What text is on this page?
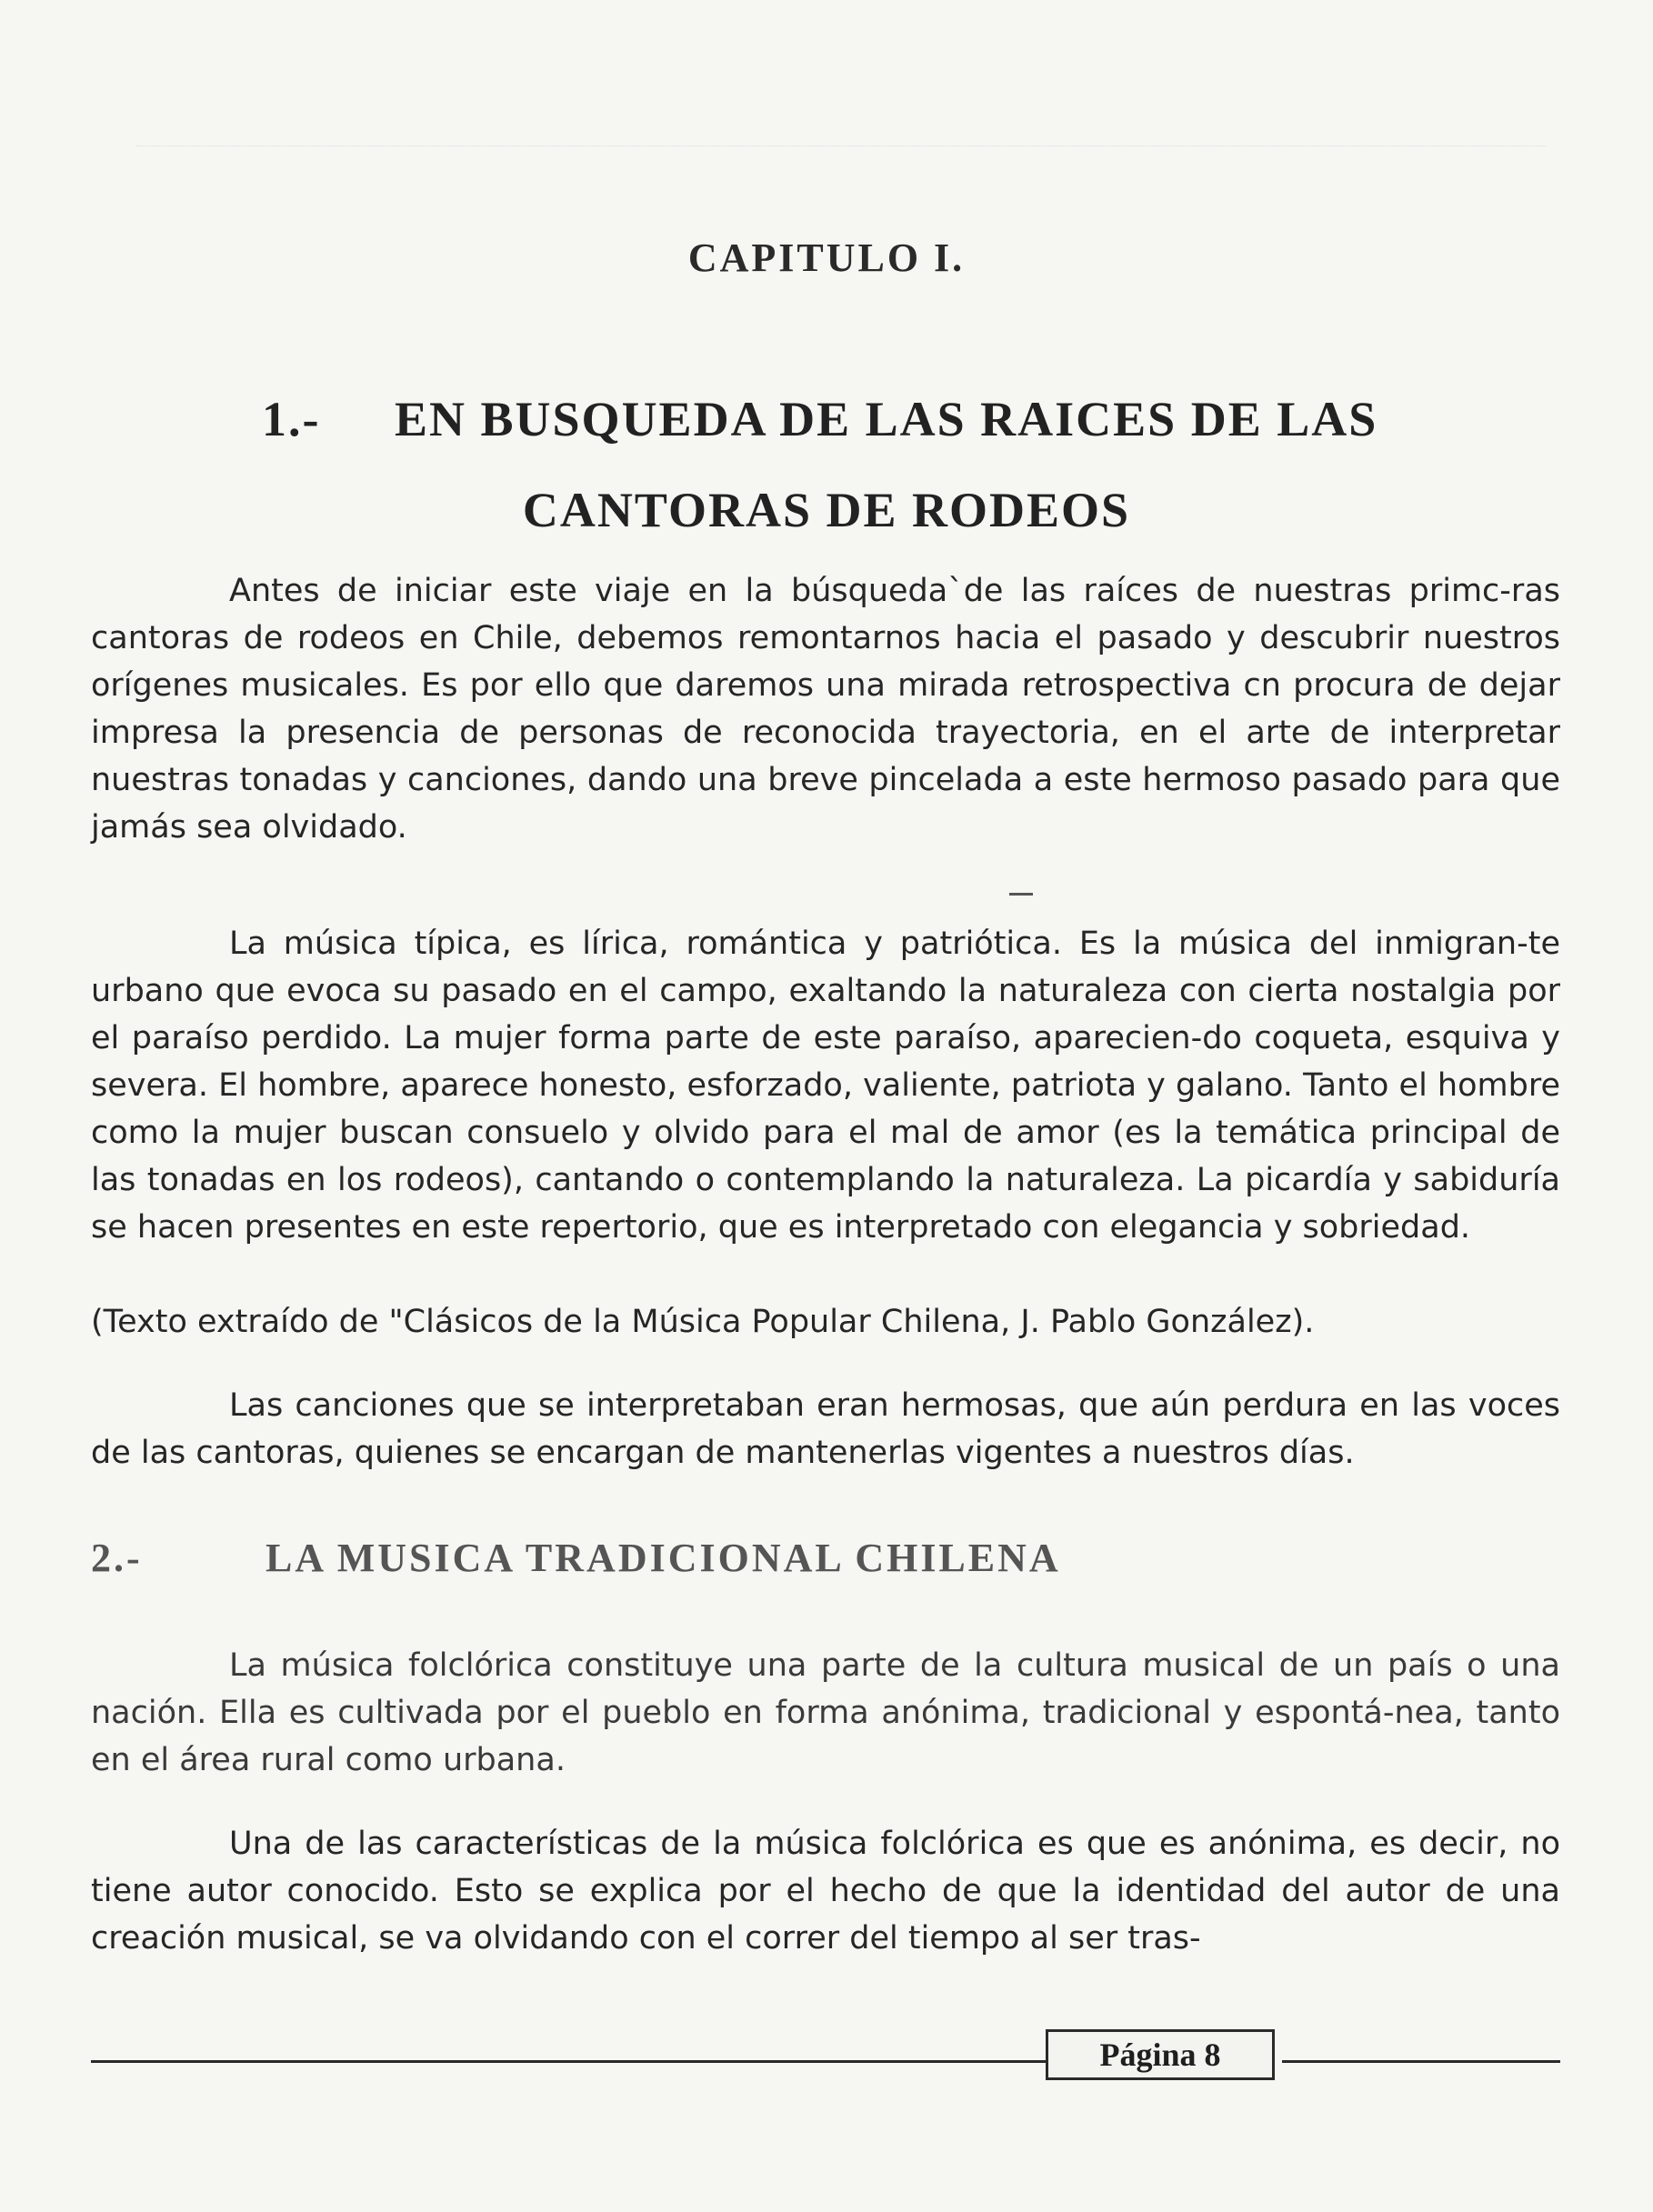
CAPITULO I.
1.- EN BUSQUEDA DE LAS RAICES DE LAS
CANTORAS DE RODEOS

Antes de iniciar este viaje en la búsqueda`de las raíces de nuestras primc-ras cantoras de rodeos en Chile, debemos remontarnos hacia el pasado y descubrir nuestros orígenes musicales. Es por ello que daremos una mirada retrospectiva cn procura de dejar impresa la presencia de personas de reconocida trayectoria, en el arte de interpretar nuestras tonadas y canciones, dando una breve pincelada a este hermoso pasado para que jamás sea olvidado.

La música típica, es lírica, romántica y patriótica. Es la música del inmigran-te urbano que evoca su pasado en el campo, exaltando la naturaleza con cierta nostalgia por el paraíso perdido. La mujer forma parte de este paraíso, aparecien-do coqueta, esquiva y severa. El hombre, aparece honesto, esforzado, valiente, patriota y galano. Tanto el hombre como la mujer buscan consuelo y olvido para el mal de amor (es la temática principal de las tonadas en los rodeos), cantando o contemplando la naturaleza. La picardía y sabiduría se hacen presentes en este repertorio, que es interpretado con elegancia y sobriedad.

(Texto extraído de "Clásicos de la Música Popular Chilena, J. Pablo González).

Las canciones que se interpretaban eran hermosas, que aún perdura en las voces de las cantoras, quienes se encargan de mantenerlas vigentes a nuestros días.

2.-	LA MUSICA TRADICIONAL CHILENA

La música folclórica constituye una parte de la cultura musical de un país o una nación. Ella es cultivada por el pueblo en forma anónima, tradicional y espontá-nea, tanto en el área rural como urbana.

Una de las características de la música folclórica es que es anónima, es decir, no tiene autor conocido. Esto se explica por el hecho de que la identidad del autor de una creación musical, se va olvidando con el correr del tiempo al ser tras-

Página 8
